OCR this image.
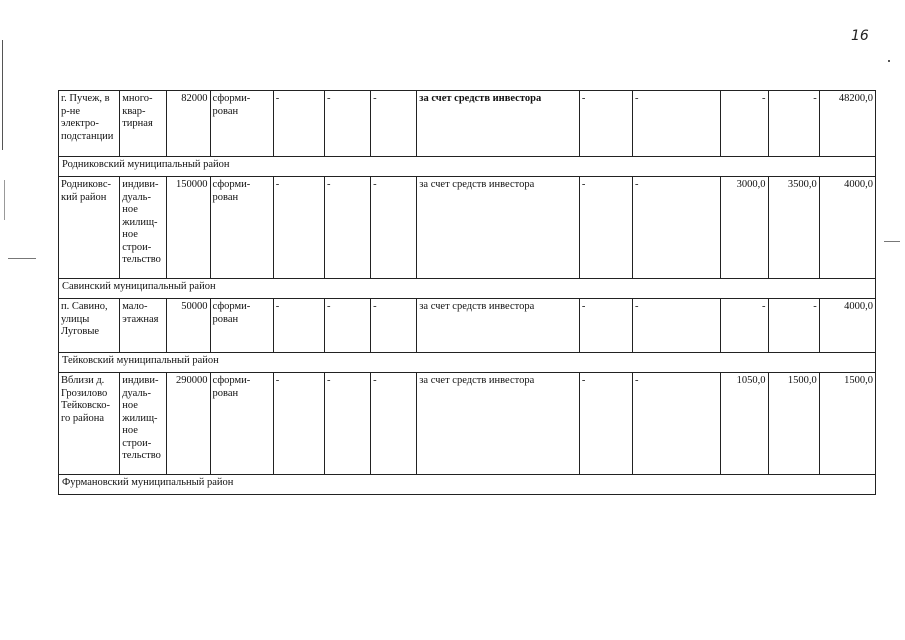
16
г. Пучеж, в р-не электро-подстанции	много-квар-тирная	82000	сформи-рован	-	-	-	за счет средств инвестора	-	-	-	-	48200,0
Родниковский муниципальный район												
Родниковс-кий район	индиви-дуаль-ное жилищ-ное строи-тельство	150000	сформи-рован	-	-	-	за счет средств инвестора	-	-	3000,0	3500,0	4000,0
Савинский муниципальный район												
п. Савино, улицы Луговые	мало-этажная	50000	сформи-рован	-	-	-	за счет средств инвестора	-	-	-	-	4000,0
Тейковский муниципальный район												
Вблизи д. Грозилово Тейковско-го района	индиви-дуаль-ное жилищ-ное строи-тельство	290000	сформи-рован	-	-	-	за счет средств инвестора	-	-	1050,0	1500,0	1500,0
Фурмановский муниципальный район												
